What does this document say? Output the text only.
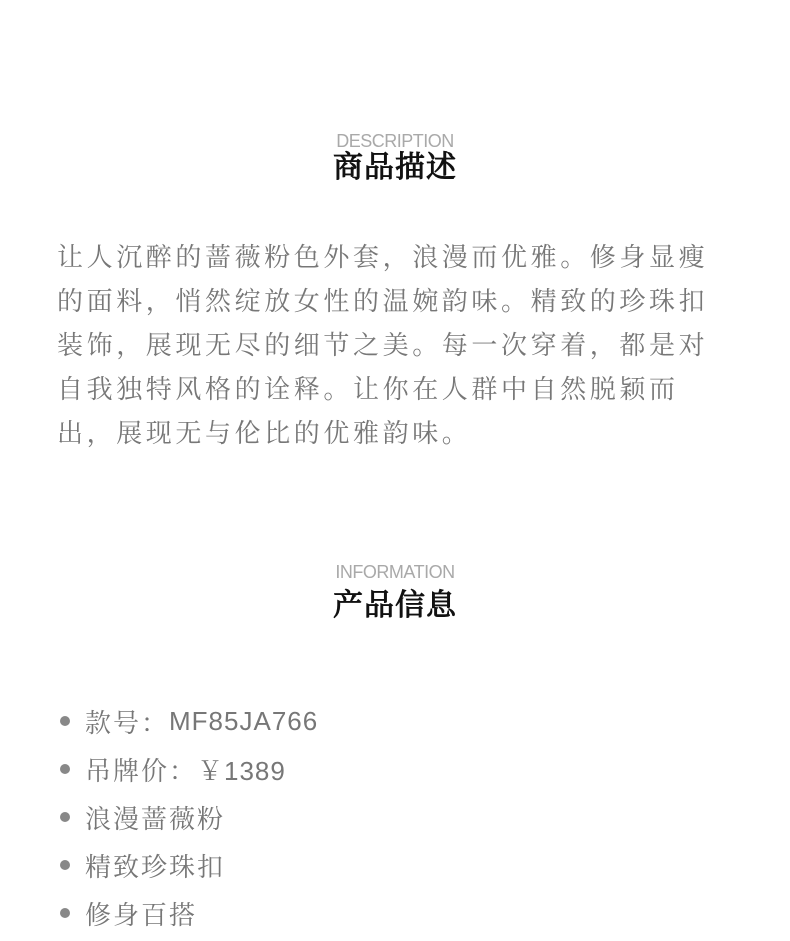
DESCRIPTION
商品描述

让人沉醉的蔷薇粉色外套，浪漫而优雅。修身显瘦的面料，悄然绽放女性的温婉韵味。精致的珍珠扣装饰，展现无尽的细节之美。每一次穿着，都是对自我独特风格的诠释。让你在人群中自然脱颖而出，展现无与伦比的优雅韵味。

INFORMATION
产品信息
款号： MF85JA766
吊牌价： ￥1389
浪漫蔷薇粉
精致珍珠扣
修身百搭
